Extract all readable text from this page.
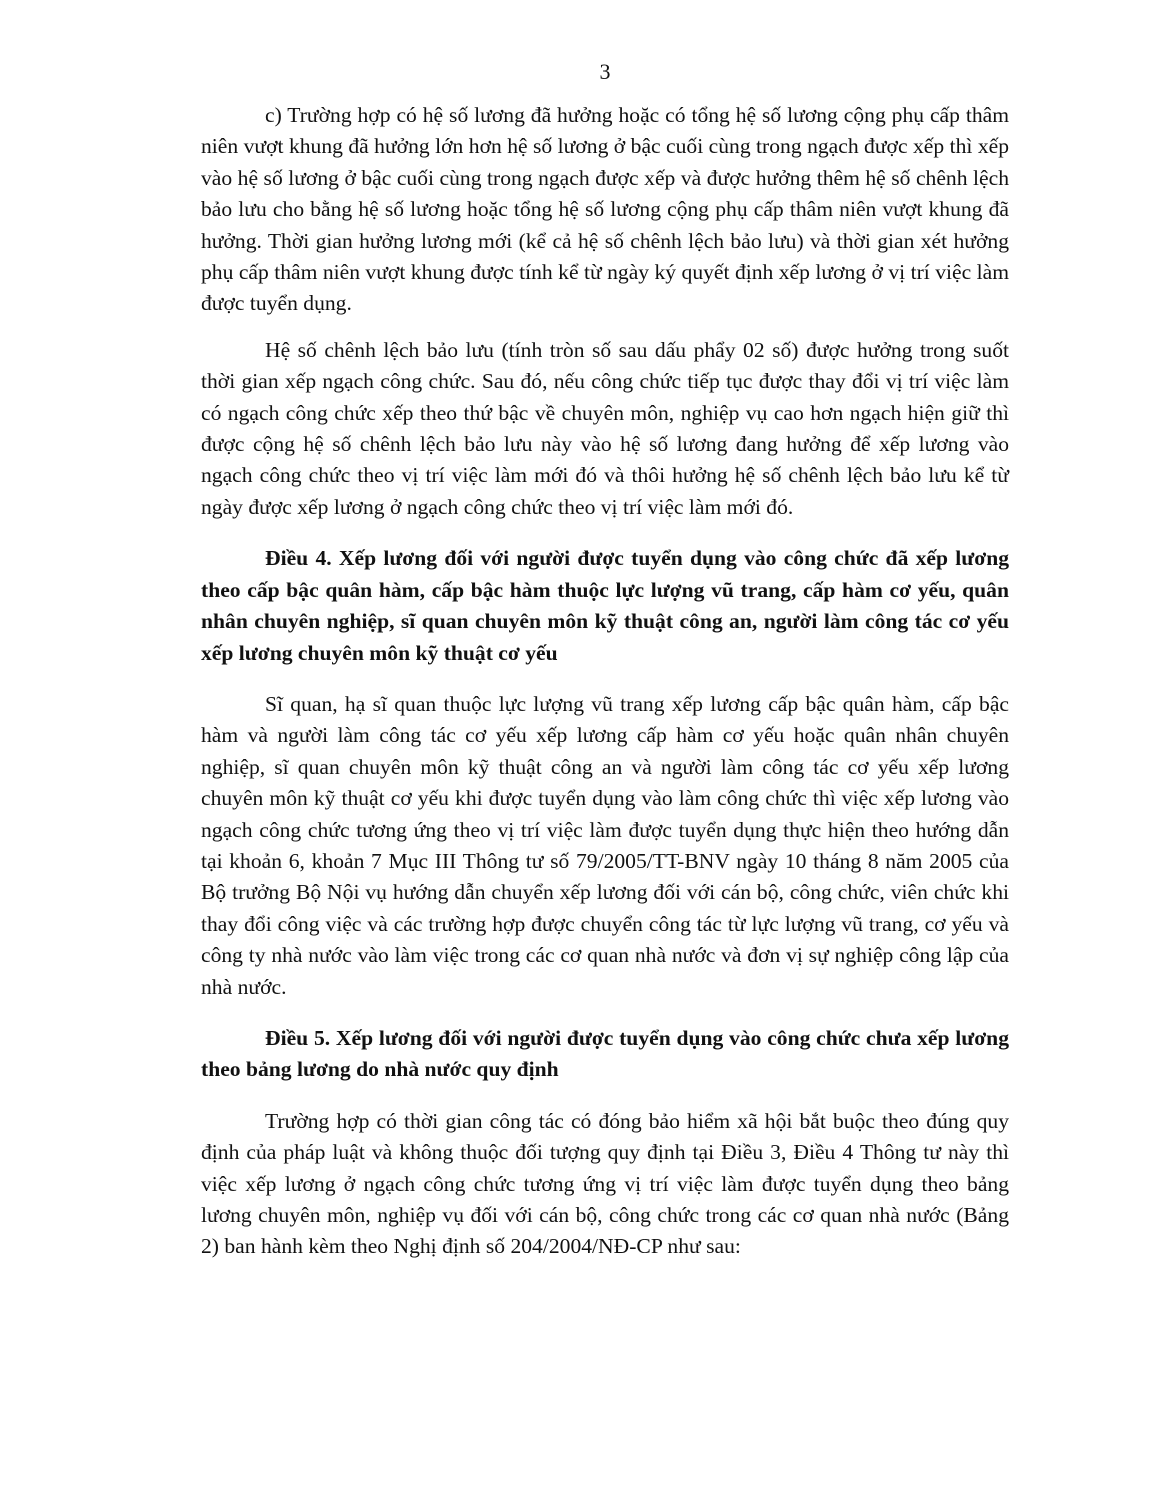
3

c) Trường hợp có hệ số lương đã hưởng hoặc có tổng hệ số lương cộng phụ cấp thâm niên vượt khung đã hưởng lớn hơn hệ số lương ở bậc cuối cùng trong ngạch được xếp thì xếp vào hệ số lương ở bậc cuối cùng trong ngạch được xếp và được hưởng thêm hệ số chênh lệch bảo lưu cho bằng hệ số lương hoặc tổng hệ số lương cộng phụ cấp thâm niên vượt khung đã hưởng. Thời gian hưởng lương mới (kể cả hệ số chênh lệch bảo lưu) và thời gian xét hưởng phụ cấp thâm niên vượt khung được tính kể từ ngày ký quyết định xếp lương ở vị trí việc làm được tuyển dụng.

Hệ số chênh lệch bảo lưu (tính tròn số sau dấu phẩy 02 số) được hưởng trong suốt thời gian xếp ngạch công chức. Sau đó, nếu công chức tiếp tục được thay đổi vị trí việc làm có ngạch công chức xếp theo thứ bậc về chuyên môn, nghiệp vụ cao hơn ngạch hiện giữ thì được cộng hệ số chênh lệch bảo lưu này vào hệ số lương đang hưởng để xếp lương vào ngạch công chức theo vị trí việc làm mới đó và thôi hưởng hệ số chênh lệch bảo lưu kể từ ngày được xếp lương ở ngạch công chức theo vị trí việc làm mới đó.

Điều 4. Xếp lương đối với người được tuyển dụng vào công chức đã xếp lương theo cấp bậc quân hàm, cấp bậc hàm thuộc lực lượng vũ trang, cấp hàm cơ yếu, quân nhân chuyên nghiệp, sĩ quan chuyên môn kỹ thuật công an, người làm công tác cơ yếu xếp lương chuyên môn kỹ thuật cơ yếu

Sĩ quan, hạ sĩ quan thuộc lực lượng vũ trang xếp lương cấp bậc quân hàm, cấp bậc hàm và người làm công tác cơ yếu xếp lương cấp hàm cơ yếu hoặc quân nhân chuyên nghiệp, sĩ quan chuyên môn kỹ thuật công an và người làm công tác cơ yếu xếp lương chuyên môn kỹ thuật cơ yếu khi được tuyển dụng vào làm công chức thì việc xếp lương vào ngạch công chức tương ứng theo vị trí việc làm được tuyển dụng thực hiện theo hướng dẫn tại khoản 6, khoản 7 Mục III Thông tư số 79/2005/TT-BNV ngày 10 tháng 8 năm 2005 của Bộ trưởng Bộ Nội vụ hướng dẫn chuyển xếp lương đối với cán bộ, công chức, viên chức khi thay đổi công việc và các trường hợp được chuyển công tác từ lực lượng vũ trang, cơ yếu và công ty nhà nước vào làm việc trong các cơ quan nhà nước và đơn vị sự nghiệp công lập của nhà nước.

Điều 5. Xếp lương đối với người được tuyển dụng vào công chức chưa xếp lương theo bảng lương do nhà nước quy định

Trường hợp có thời gian công tác có đóng bảo hiểm xã hội bắt buộc theo đúng quy định của pháp luật và không thuộc đối tượng quy định tại Điều 3, Điều 4 Thông tư này thì việc xếp lương ở ngạch công chức tương ứng vị trí việc làm được tuyển dụng theo bảng lương chuyên môn, nghiệp vụ đối với cán bộ, công chức trong các cơ quan nhà nước (Bảng 2) ban hành kèm theo Nghị định số 204/2004/NĐ-CP như sau:
